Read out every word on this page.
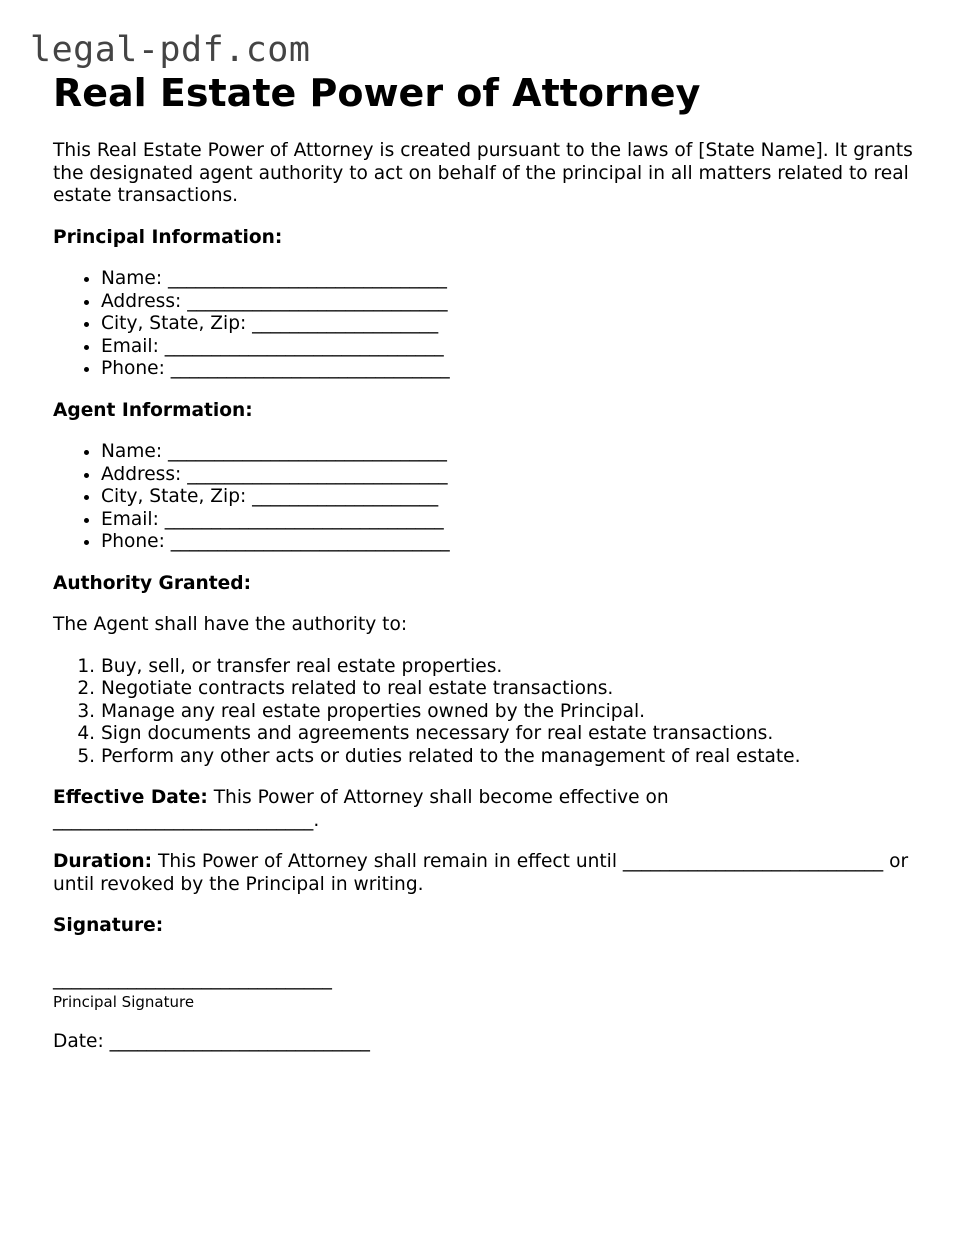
legal-pdf.com
Real Estate Power of Attorney

This Real Estate Power of Attorney is created pursuant to the laws of [State Name]. It grants the designated agent authority to act on behalf of the principal in all matters related to real estate transactions.

Principal Information:

• Name: ______________________________
• Address: ____________________________
• City, State, Zip: ____________________
• Email: ______________________________
• Phone: ______________________________

Agent Information:

• Name: ______________________________
• Address: ____________________________
• City, State, Zip: ____________________
• Email: ______________________________
• Phone: ______________________________

Authority Granted:

The Agent shall have the authority to:

1. Buy, sell, or transfer real estate properties.
2. Negotiate contracts related to real estate transactions.
3. Manage any real estate properties owned by the Principal.
4. Sign documents and agreements necessary for real estate transactions.
5. Perform any other acts or duties related to the management of real estate.

Effective Date: This Power of Attorney shall become effective on ____________________________.

Duration: This Power of Attorney shall remain in effect until ____________________________ or until revoked by the Principal in writing.

Signature:

______________________________

Principal Signature

Date: ____________________________
